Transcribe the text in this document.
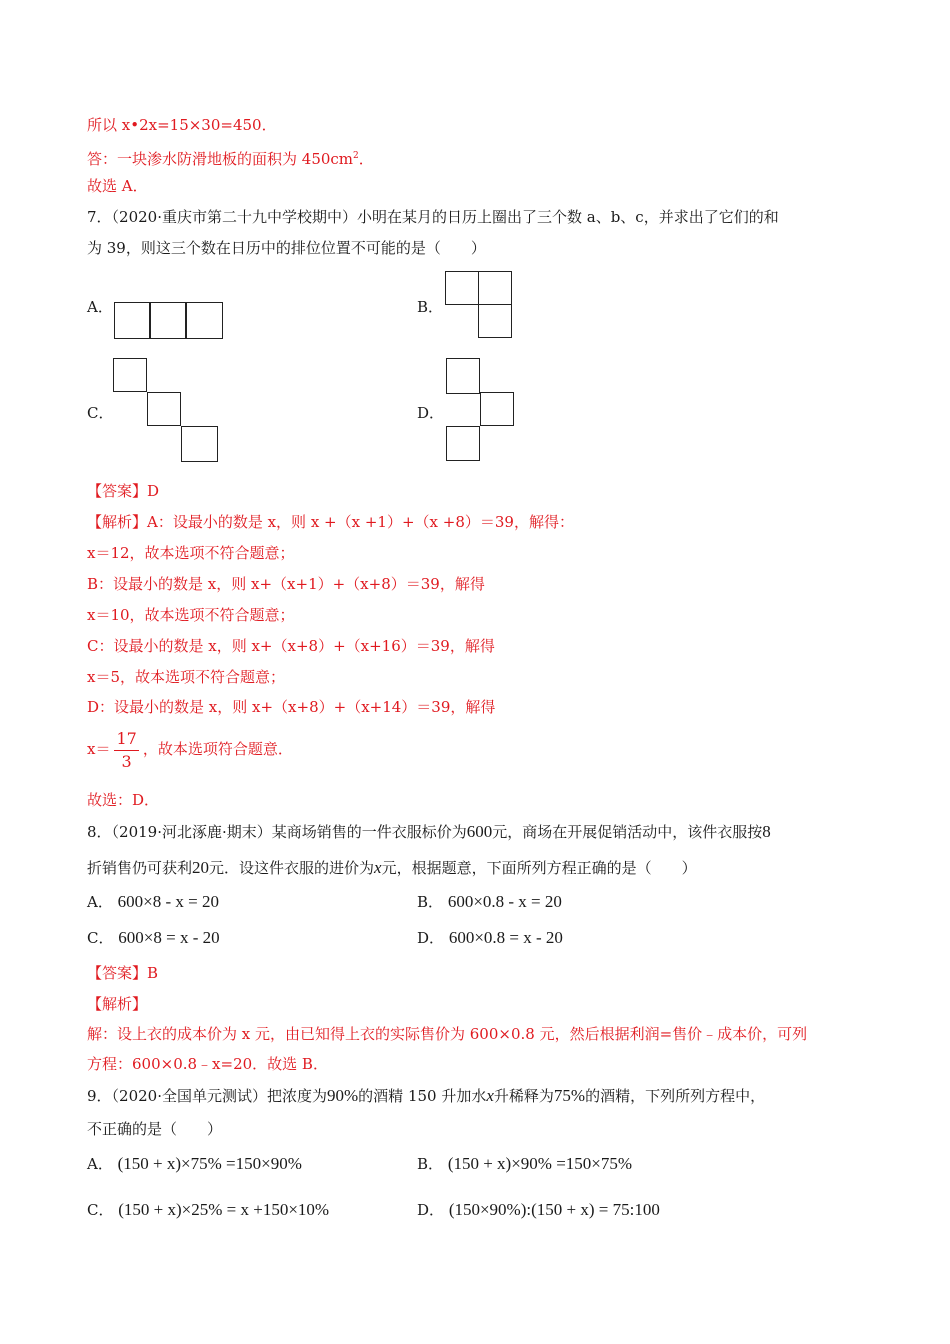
所以 x•2x=15×30=450．
答：一块渗水防滑地板的面积为 $450cm^2$．
故选 A．
7．（2020·重庆市第二十九中学校期中）小明在某月的日历上圈出了三个数 a、b、c，并求出了它们的和
为 39，则这三个数在日历中的排位位置不可能的是（　　）
A．	B．
C．	D．
【答案】D
【解析】A：设最小的数是 x，则 x +（x +1）+（x +8）＝39，解得：
x＝12，故本选项不符合题意；
B：设最小的数是 x，则 x+（x+1）+（x+8）＝39，解得
x＝10，故本选项不符合题意；
C：设最小的数是 x，则 x+（x+8）+（x+16）＝39，解得
x＝5，故本选项不符合题意；
D：设最小的数是 x，则 x+（x+8）+（x+14）＝39，解得
$x= \frac{17}{3}$ ，故本选项符合题意．
故选：D．
8．（2019·河北涿鹿·期末）某商场销售的一件衣服标价为600元，商场在开展促销活动中，该件衣服按8
折销售仍可获利20元．设这件衣服的进价为x元，根据题意，下面所列方程正确的是（　　）
A． 600×8 - x = 20	B． 600×0.8 - x = 20
C． 600×8 = x - 20	D． 600×0.8 = x - 20
【答案】B
【解析】
解：设上衣的成本价为 x 元，由已知得上衣的实际售价为 600×0.8 元，然后根据利润=售价﹣成本价，可列
方程：600×0.8﹣x=20．故选 B．
9．（2020·全国单元测试）把浓度为90%的酒精 150 升加水x升稀释为75%的酒精，下列所列方程中，
不正确的是（　　）
A． (150 + x)×75% =150×90%	B． (150 + x)×90% =150×75%
C． (150 + x)×25% = x +150×10%	D． (150×90%):(150 + x) = 75:100
